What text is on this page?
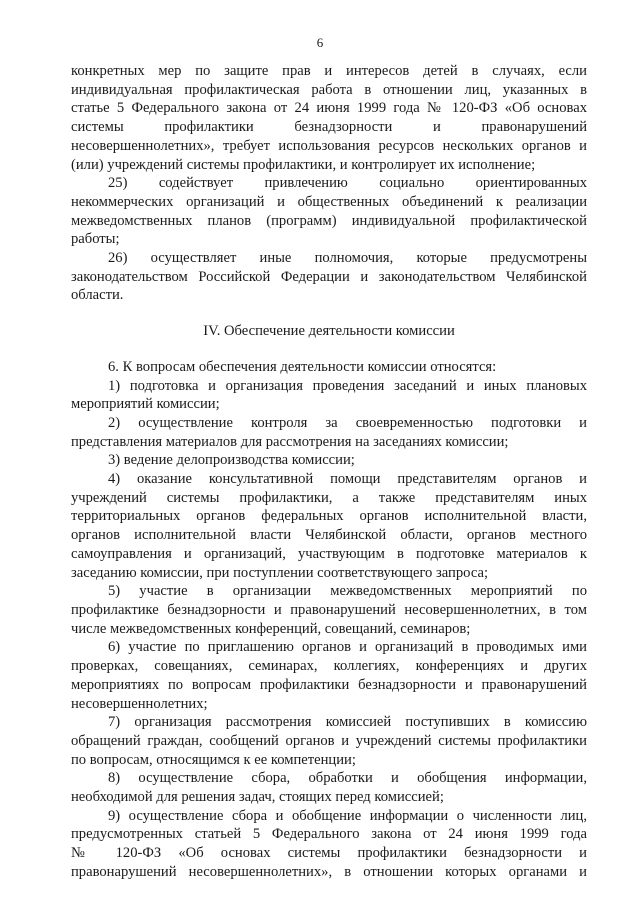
6
конкретных мер по защите прав и интересов детей в случаях, если
индивидуальная профилактическая работа в отношении лиц, указанных в
статье 5 Федерального закона от 24 июня 1999 года № 120-ФЗ «Об основах
системы профилактики безнадзорности и правонарушений
несовершеннолетних», требует использования ресурсов нескольких органов и
(или) учреждений системы профилактики, и контролирует их исполнение;
25) содействует привлечению социально ориентированных
некоммерческих организаций и общественных объединений к реализации
межведомственных планов (программ) индивидуальной профилактической
работы;
26) осуществляет иные полномочия, которые предусмотрены
законодательством Российской Федерации и законодательством Челябинской
области.
IV. Обеспечение деятельности комиссии
6. К вопросам обеспечения деятельности комиссии относятся:
1) подготовка и организация проведения заседаний и иных плановых
мероприятий комиссии;
2) осуществление контроля за своевременностью подготовки и
представления материалов для рассмотрения на заседаниях комиссии;
3) ведение делопроизводства комиссии;
4) оказание консультативной помощи представителям органов и
учреждений системы профилактики, а также представителям иных
территориальных органов федеральных органов исполнительной власти,
органов исполнительной власти Челябинской области, органов местного
самоуправления и организаций, участвующим в подготовке материалов к
заседанию комиссии, при поступлении соответствующего запроса;
5) участие в организации межведомственных мероприятий по
профилактике безнадзорности и правонарушений несовершеннолетних, в том
числе межведомственных конференций, совещаний, семинаров;
6) участие по приглашению органов и организаций в проводимых ими
проверках, совещаниях, семинарах, коллегиях, конференциях и других
мероприятиях по вопросам профилактики безнадзорности и правонарушений
несовершеннолетних;
7) организация рассмотрения комиссией поступивших в комиссию
обращений граждан, сообщений органов и учреждений системы профилактики
по вопросам, относящимся к ее компетенции;
8) осуществление сбора, обработки и обобщения информации,
необходимой для решения задач, стоящих перед комиссией;
9) осуществление сбора и обобщение информации о численности лиц,
предусмотренных статьей 5 Федерального закона от 24 июня 1999 года
№ 120-ФЗ «Об основах системы профилактики безнадзорности и
правонарушений несовершеннолетних», в отношении которых органами и
